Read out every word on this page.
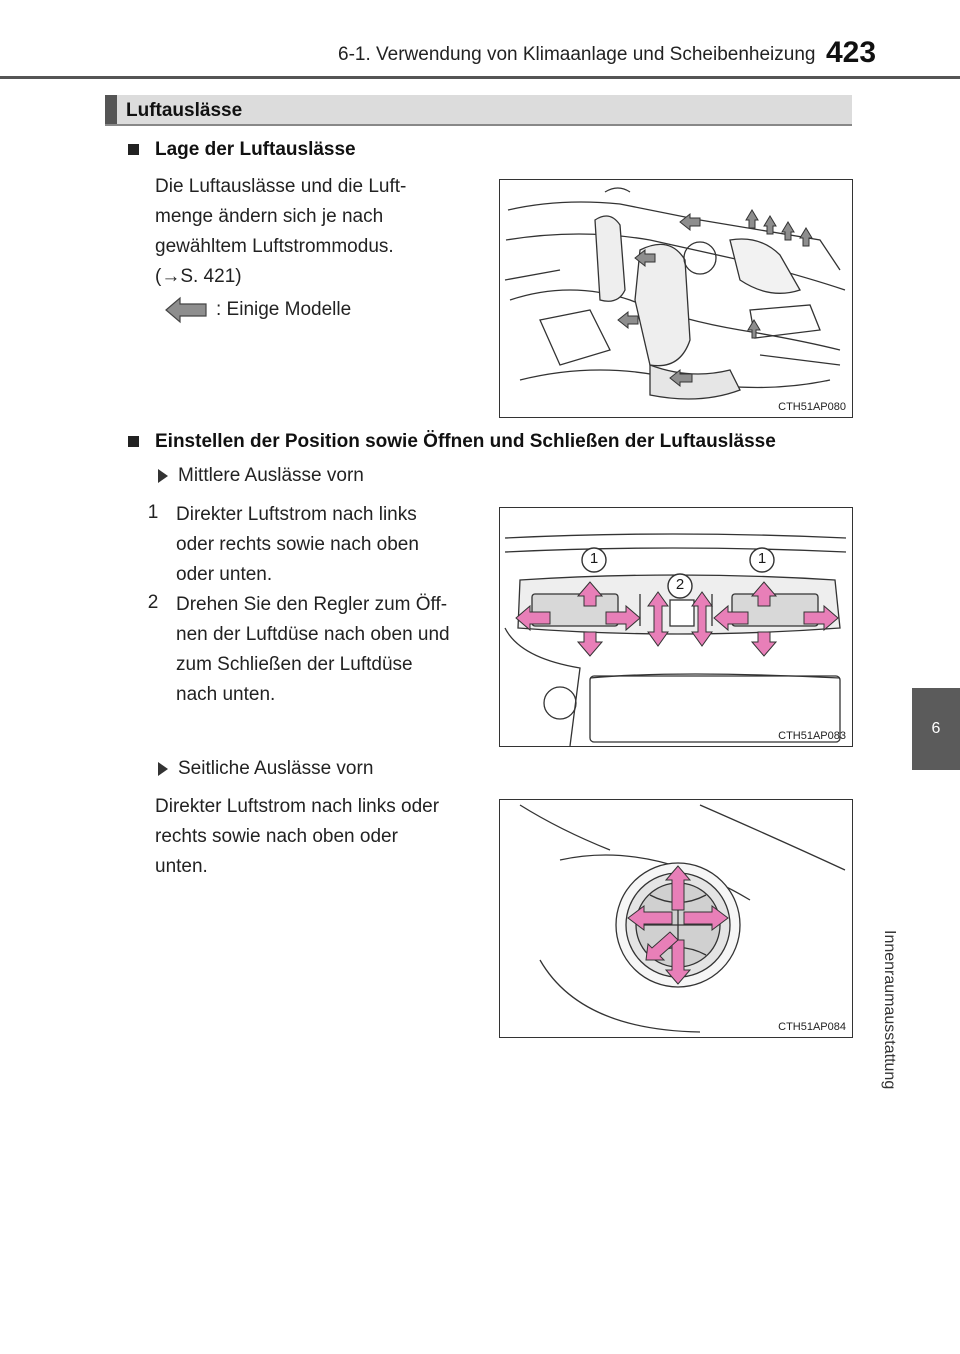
6-1. Verwendung von Klimaanlage und Scheibenheizung 423
6
Innenraumausstattung
Luftauslässe
Lage der Luftauslässe
Die Luftauslässe und die Luft-
menge ändern sich je nach
gewähltem Luftstrommodus.
(→S. 421)
: Einige Modelle
CTH51AP080
Einstellen der Position sowie Öffnen und Schließen der Luftauslässe
Mittlere Auslässe vorn
1 Direkter Luftstrom nach links
oder rechts sowie nach oben
oder unten.
2 Drehen Sie den Regler zum Öff-
nen der Luftdüse nach oben und
zum Schließen der Luftdüse
nach unten.
1	1
2
CTH51AP083
Seitliche Auslässe vorn
Direkter Luftstrom nach links oder
rechts sowie nach oben oder
unten.
CTH51AP084
